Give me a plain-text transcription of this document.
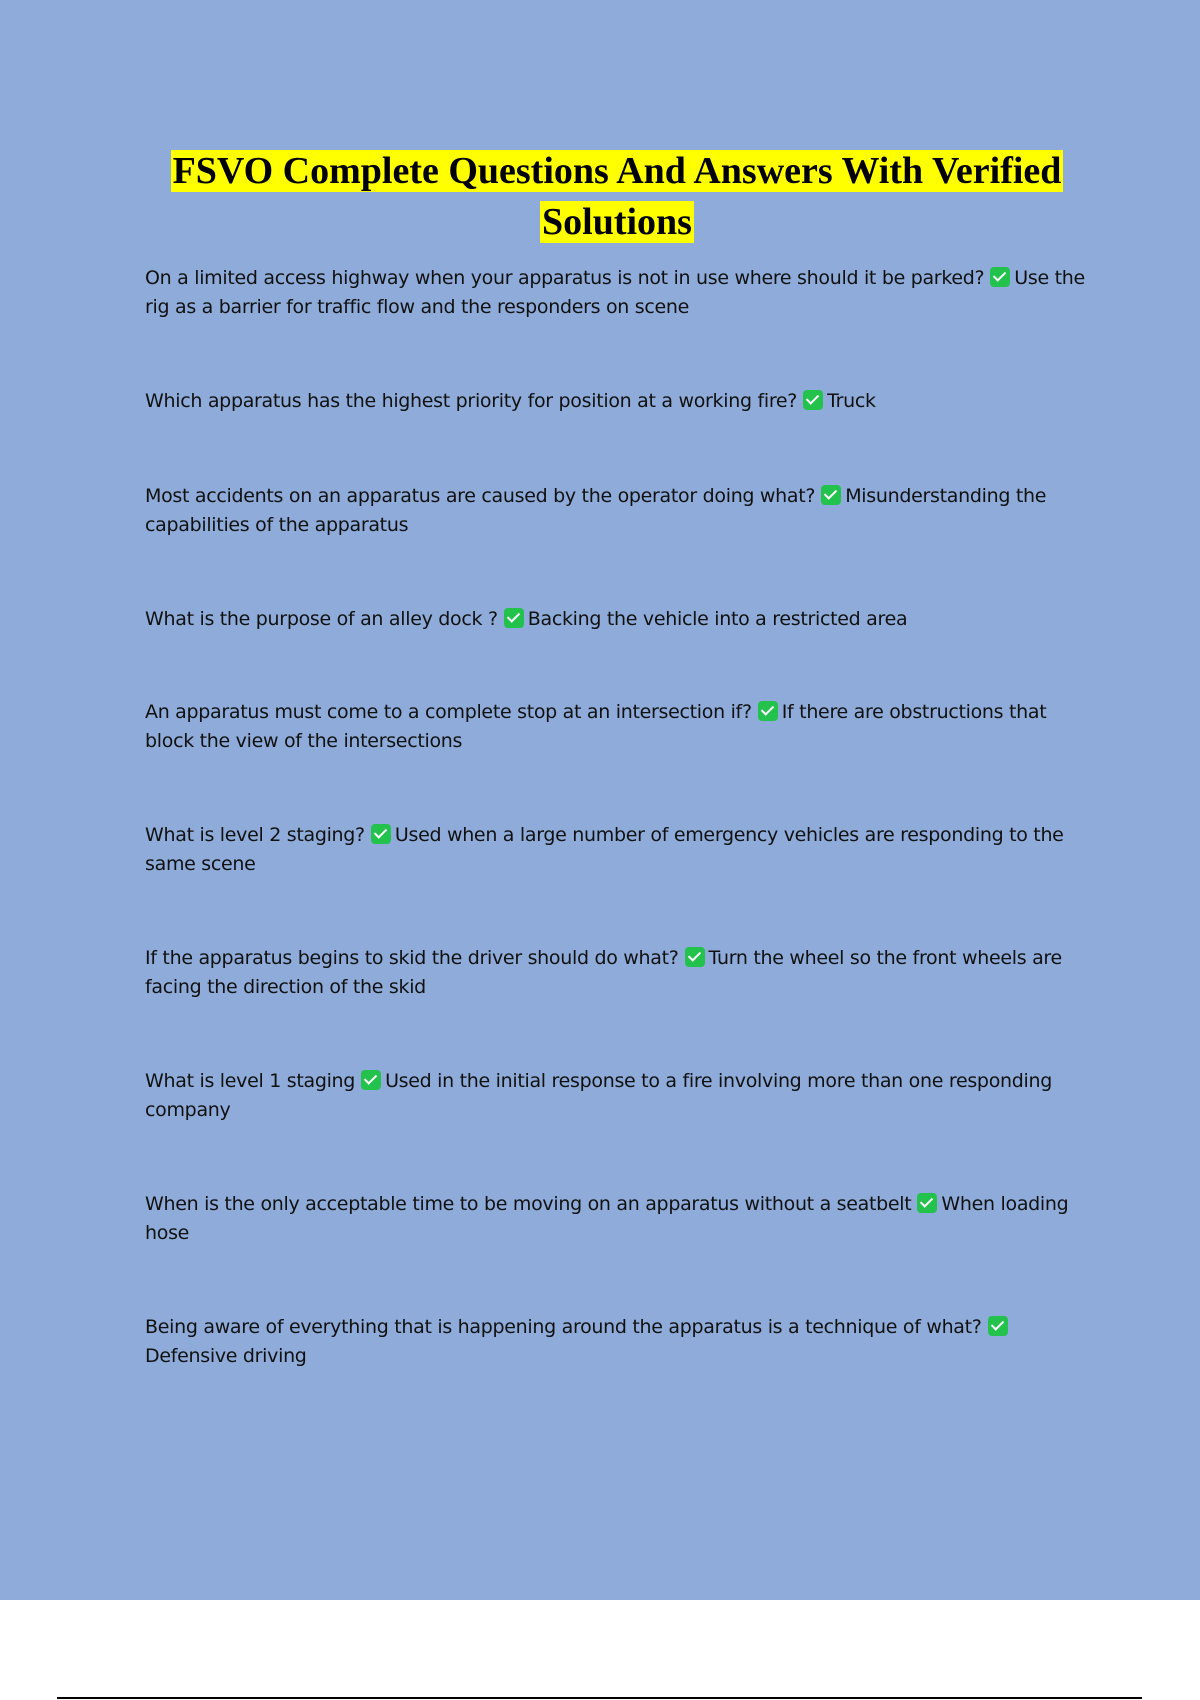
FSVO Complete Questions And Answers With Verified
Solutions
On a limited access highway when your apparatus is not in use where should it be parked? Use the rig as a barrier for traffic flow and the responders on scene
Which apparatus has the highest priority for position at a working fire? Truck
Most accidents on an apparatus are caused by the operator doing what? Misunderstanding the capabilities of the apparatus
What is the purpose of an alley dock ? Backing the vehicle into a restricted area
An apparatus must come to a complete stop at an intersection if? If there are obstructions that block the view of the intersections
What is level 2 staging? Used when a large number of emergency vehicles are responding to the same scene
If the apparatus begins to skid the driver should do what? Turn the wheel so the front wheels are facing the direction of the skid
What is level 1 staging Used in the initial response to a fire involving more than one responding company
When is the only acceptable time to be moving on an apparatus without a seatbelt When loading hose
Being aware of everything that is happening around the apparatus is a technique of what?Defensive driving
